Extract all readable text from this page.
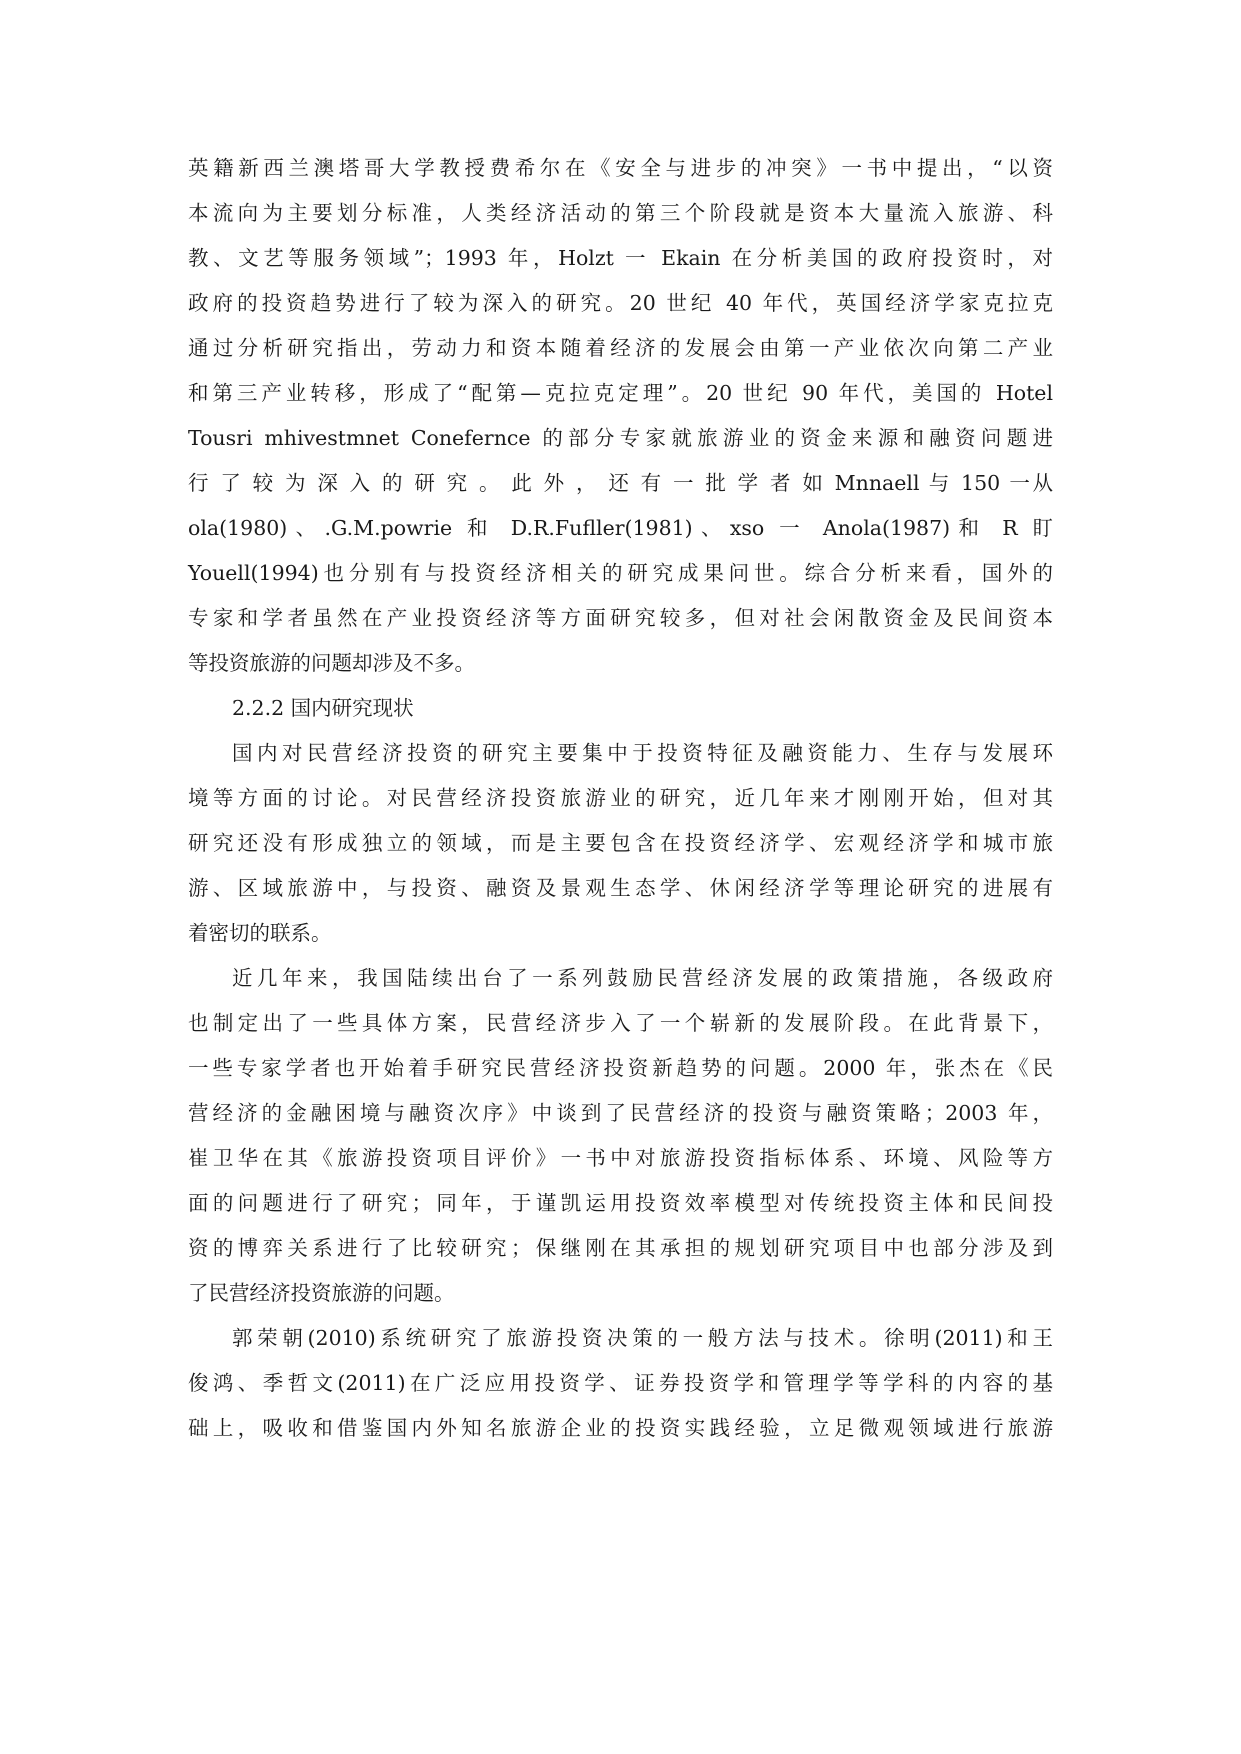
英籍新西兰澳塔哥大学教授费希尔在《安全与进步的冲突》一书中提出，“以资
本流向为主要划分标准，人类经济活动的第三个阶段就是资本大量流入旅游、科
教、文艺等服务领域”；1993 年，Holzt 一 Ekain 在分析美国的政府投资时，对
政府的投资趋势进行了较为深入的研究。20 世纪 40 年代，英国经济学家克拉克
通过分析研究指出，劳动力和资本随着经济的发展会由第一产业依次向第二产业
和第三产业转移，形成了“配第—克拉克定理”。20 世纪 90 年代，美国的 Hotel
Tousri mhivestmnet Conefernce 的部分专家就旅游业的资金来源和融资问题进
行 了 较 为 深 入 的 研 究 。 此 外 ， 还 有 一 批 学 者 如 Mnnaell 与 150 一从
ola(1980)、.G.M.powrie 和 D.R.Fufller(1981)、xso 一 Anola(1987)和 R 盯
Youell(1994)也分别有与投资经济相关的研究成果问世。综合分析来看，国外的
专家和学者虽然在产业投资经济等方面研究较多，但对社会闲散资金及民间资本
等投资旅游的问题却涉及不多。
2.2.2 国内研究现状
国内对民营经济投资的研究主要集中于投资特征及融资能力、生存与发展环
境等方面的讨论。对民营经济投资旅游业的研究，近几年来才刚刚开始，但对其
研究还没有形成独立的领域，而是主要包含在投资经济学、宏观经济学和城市旅
游、区域旅游中，与投资、融资及景观生态学、休闲经济学等理论研究的进展有
着密切的联系。
近几年来，我国陆续出台了一系列鼓励民营经济发展的政策措施，各级政府
也制定出了一些具体方案，民营经济步入了一个崭新的发展阶段。在此背景下，
一些专家学者也开始着手研究民营经济投资新趋势的问题。2000 年，张杰在《民
营经济的金融困境与融资次序》中谈到了民营经济的投资与融资策略；2003 年，
崔卫华在其《旅游投资项目评价》一书中对旅游投资指标体系、环境、风险等方
面的问题进行了研究；同年，于谨凯运用投资效率模型对传统投资主体和民间投
资的博弈关系进行了比较研究；保继刚在其承担的规划研究项目中也部分涉及到
了民营经济投资旅游的问题。
郭荣朝(2010)系统研究了旅游投资决策的一般方法与技术。徐明(2011)和王
俊鸿、季哲文(2011)在广泛应用投资学、证券投资学和管理学等学科的内容的基
础上，吸收和借鉴国内外知名旅游企业的投资实践经验，立足微观领域进行旅游
